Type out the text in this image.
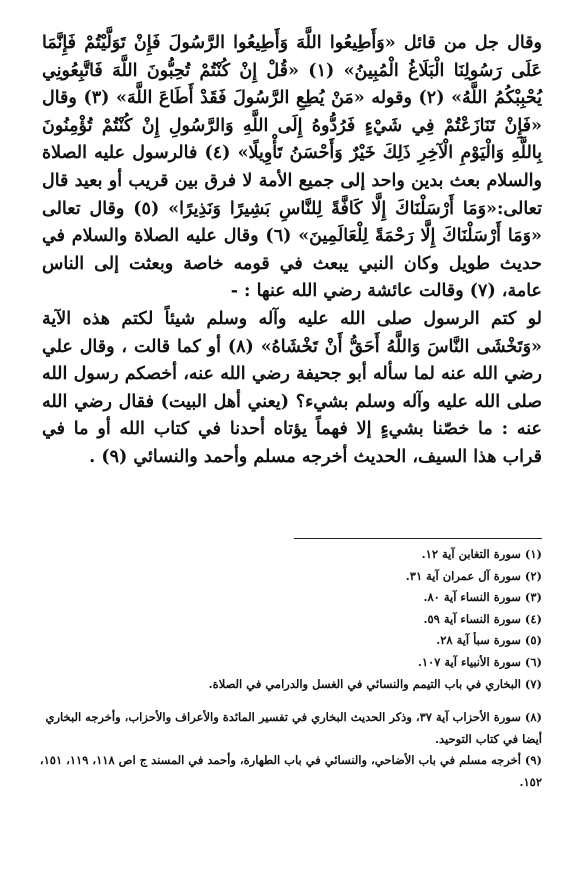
وقال جل من قائل «وَأَطِيعُوا اللَّهَ وَأَطِيعُوا الرَّسُولَ فَإِنْ تَوَلَّيْتُمْ فَإِنَّمَا عَلَى رَسُولِنَا الْبَلَاغُ الْمُبِينُ» (١) «قُلْ إِنْ كُنْتُمْ تُحِبُّونَ اللَّهَ فَاتَّبِعُونِي يُحْبِبْكُمُ اللَّهُ» (٢) وقوله «مَنْ يُطِعِ الرَّسُولَ فَقَدْ أَطَاعَ اللَّهَ» (٣) وقال «فَإِنْ تَنَازَعْتُمْ فِي شَيْءٍ فَرُدُّوهُ إِلَى اللَّهِ وَالرَّسُولِ إِنْ كُنْتُمْ تُؤْمِنُونَ بِاللَّهِ وَالْيَوْمِ الْآخِرِ ذَلِكَ خَيْرٌ وَأَحْسَنُ تَأْوِيلًا» (٤) فالرسول عليه الصلاة والسلام بعث بدين واحد إلى جميع الأمة لا فرق بين قريب أو بعيد قال تعالى:«وَمَا أَرْسَلْنَاكَ إِلَّا كَافَّةً لِلنَّاسِ بَشِيرًا وَنَذِيرًا» (٥) وقال تعالى «وَمَا أَرْسَلْنَاكَ إِلَّا رَحْمَةً لِلْعَالَمِينَ» (٦) وقال عليه الصلاة والسلام في حديث طويل وكان النبي يبعث في قومه خاصة وبعثت إلى الناس عامة، (٧) وقالت عائشة رضي الله عنها : -

لو كتم الرسول صلى الله عليه وآله وسلم شيئاً لكتم هذه الآية «وَتَخْشَى النَّاسَ وَاللَّهُ أَحَقُّ أَنْ تَخْشَاهُ» (٨) أو كما قالت ، وقال علي رضي الله عنه لما سأله أبو جحيفة رضي الله عنه، أخصكم رسول الله صلى الله عليه وآله وسلم بشيء؟ (يعني أهل البيت) فقال رضي الله عنه : ما خصّنا بشيءٍ إلا فهماً يؤتاه أحدنا في كتاب الله أو ما في قراب هذا السيف، الحديث أخرجه مسلم وأحمد والنسائي (٩) .

(١) سورة التغابن آية ١٢.

(٢) سورة آل عمران آية ٣١.

(٣) سورة النساء آية ٨٠.

(٤) سورة النساء آية ٥٩.

(٥) سورة سبأ آية ٢٨.

(٦) سورة الأنبياء آية ١٠٧.

(٧) البخاري في باب التيمم والنسائي في الغسل والدرامي في الصلاة.

(٨) سورة الأحزاب آية ٣٧، وذكر الحديث البخاري في تفسير المائدة والأعراف والأحزاب، وأخرجه البخاري أيضا في كتاب التوحيد.

(٩) أخرجه مسلم في باب الأضاحي، والنسائي في باب الطهارة، وأحمد في المسند ج اص ١١٨، ١١٩، ١٥١، ١٥٢.
